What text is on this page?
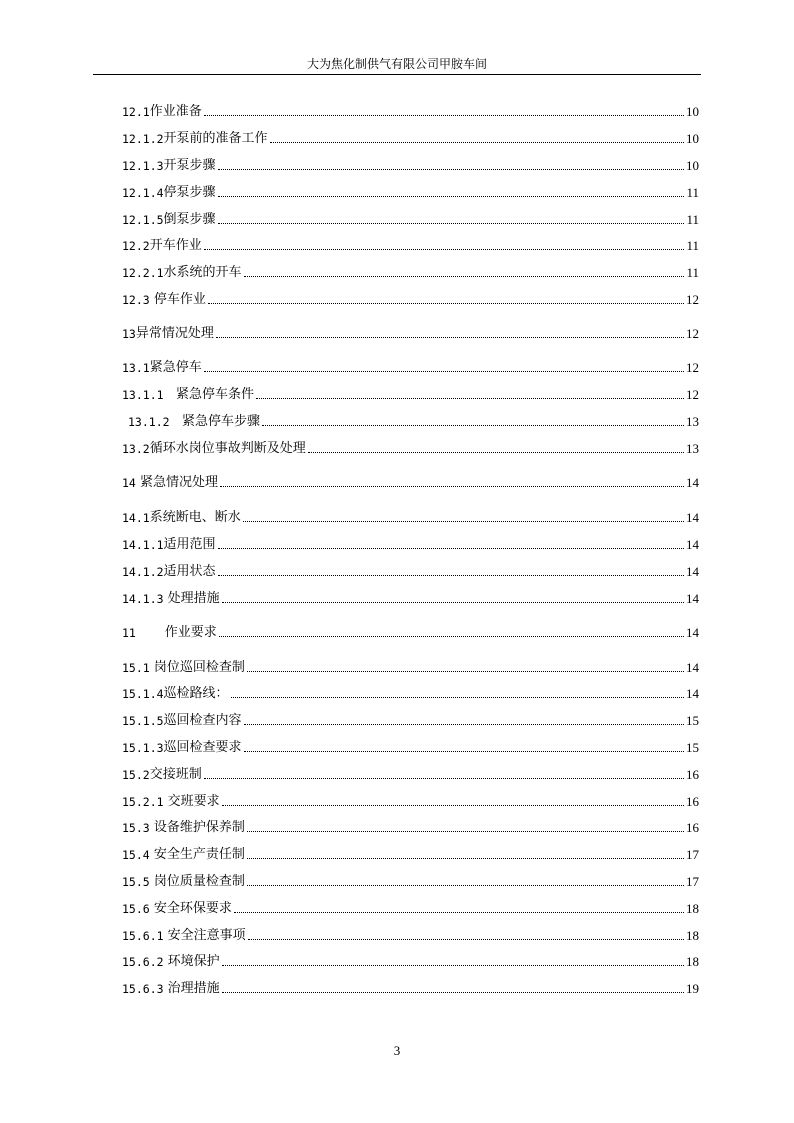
大为焦化制供气有限公司甲胺车间
12.1 作业准备	10
12.1.2 开泵前的准备工作	10
12.1.3 开泵步骤	10
12.1.4 停泵步骤	11
12.1.5 倒泵步骤	11
12.2 开车作业	11
12.2.1 水系统的开车	11
12.3 停车作业	12
13 异常情况处理	12
13.1 紧急停车	12
13.1.1 紧急停车条件	12
13.1.2 紧急停车步骤	13
13.2 循环水岗位事故判断及处理	13
14 紧急情况处理	14
14.1 系统断电、断水	14
14.1.1 适用范围	14
14.1.2 适用状态	14
14.1.3 处理措施	14
11 作业要求	14
15.1 岗位巡回检查制	14
15.1.4 巡检路线：	14
15.1.5 巡回检查内容	15
15.1.3 巡回检查要求	15
15.2 交接班制	16
15.2.1 交班要求	16
15.3 设备维护保养制	16
15.4 安全生产责任制	17
15.5 岗位质量检查制	17
15.6 安全环保要求	18
15.6.1 安全注意事项	18
15.6.2 环境保护	18
15.6.3 治理措施	19
3
